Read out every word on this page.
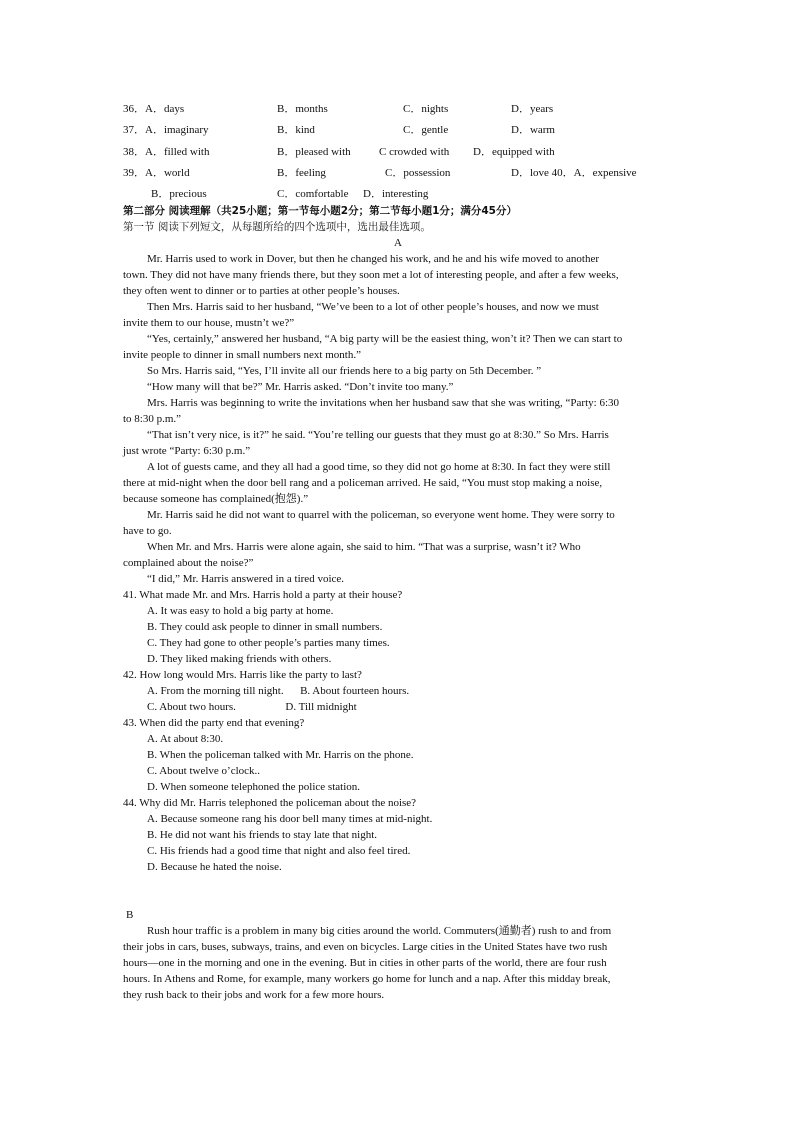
36．A．days	B．months	C．nights	D．years
37．A．imaginary	B．kind	C．gentle	D．warm
38．A．filled with	B．pleased with	C crowded with D．equipped with
39．A．world	B．feeling	C．possession	D．love 40．A．expensive
B．precious	C．comfortable D．interesting
第二部分 阅读理解（共25小题；第一节每小题2分；第二节每小题1分；满分45分）
第一节 阅读下列短文，从每题所给的四个选项中，选出最佳选项。
A
Mr. Harris used to work in Dover, but then he changed his work, and he and his wife moved to another
town. They did not have many friends there, but they soon met a lot of interesting people, and after a few weeks,
they often went to dinner or to parties at other people’s houses.
Then Mrs. Harris said to her husband, “We’ve been to a lot of other people’s houses, and now we must
invite them to our house, mustn’t we?”
“Yes, certainly,” answered her husband, “A big party will be the easiest thing, won’t it? Then we can start to
invite people to dinner in small numbers next month.”
So Mrs. Harris said, “Yes, I’ll invite all our friends here to a big party on 5th December. ”
“How many will that be?” Mr. Harris asked. “Don’t invite too many.”
Mrs. Harris was beginning to write the invitations when her husband saw that she was writing, “Party: 6:30
to 8:30 p.m.”
“That isn’t very nice, is it?” he said. “You’re telling our guests that they must go at 8:30.” So Mrs. Harris
just wrote “Party: 6:30 p.m.”
A lot of guests came, and they all had a good time, so they did not go home at 8:30. In fact they were still
there at mid-night when the door bell rang and a policeman arrived. He said, “You must stop making a noise,
because someone has complained(抱怨).”
Mr. Harris said he did not want to quarrel with the policeman, so everyone went home. They were sorry to
have to go.
When Mr. and Mrs. Harris were alone again, she said to him. “That was a surprise, wasn’t it? Who
complained about the noise?”
“I did,” Mr. Harris answered in a tired voice.
41. What made Mr. and Mrs. Harris hold a party at their house?
A. It was easy to hold a big party at home.
B. They could ask people to dinner in small numbers.
C. They had gone to other people’s parties many times.
D. They liked making friends with others.
42. How long would Mrs. Harris like the party to last?
A. From the morning till night.      B. About fourteen hours.
C. About two hours.                  D. Till midnight
43. When did the party end that evening?
A. At about 8:30.
B. When the policeman talked with Mr. Harris on the phone.
C. About twelve o’clock..
D. When someone telephoned the police station.
44. Why did Mr. Harris telephoned the policeman about the noise?
A. Because someone rang his door bell many times at mid-night.
B. He did not want his friends to stay late that night.
C. His friends had a good time that night and also feel tired.
D. Because he hated the noise.
B
Rush hour traffic is a problem in many big cities around the world. Commuters(通勤者) rush to and from
their jobs in cars, buses, subways, trains, and even on bicycles. Large cities in the United States have two rush
hours—one in the morning and one in the evening. But in cities in other parts of the world, there are four rush
hours. In Athens and Rome, for example, many workers go home for lunch and a nap. After this midday break,
they rush back to their jobs and work for a few more hours.
